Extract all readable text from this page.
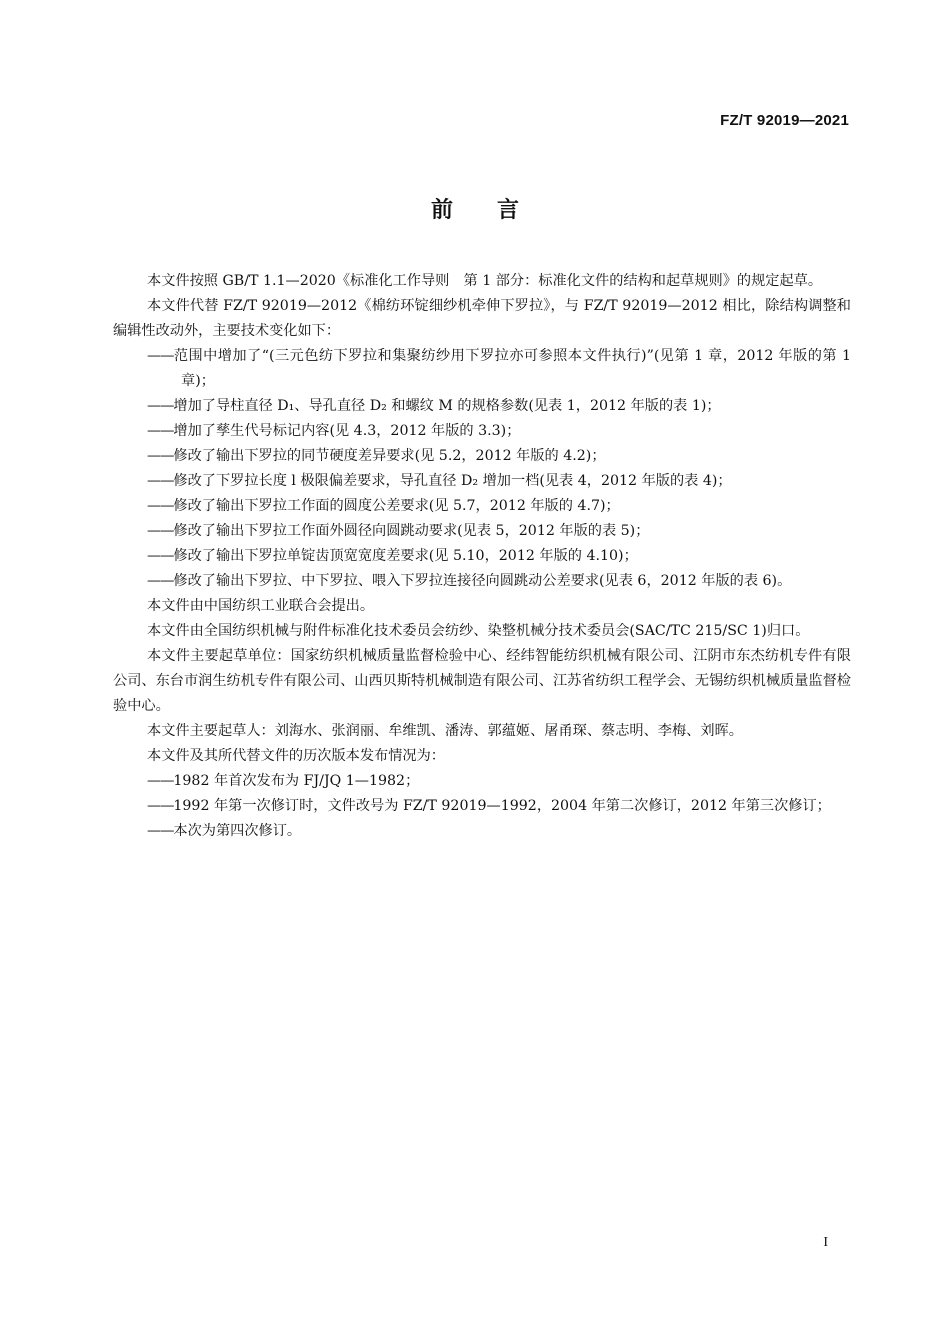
FZ/T 92019—2021
前言

本文件按照 GB/T 1.1—2020《标准化工作导则　第 1 部分：标准化文件的结构和起草规则》的规定起草。

本文件代替 FZ/T 92019—2012《棉纺环锭细纱机牵伸下罗拉》，与 FZ/T 92019—2012 相比，除结构调整和编辑性改动外，主要技术变化如下：

——范围中增加了“(三元色纺下罗拉和集聚纺纱用下罗拉亦可参照本文件执行)”(见第 1 章，2012 年版的第 1 章)；

——增加了导柱直径 D₁、导孔直径 D₂ 和螺纹 M 的规格参数(见表 1，2012 年版的表 1)；

——增加了孳生代号标记内容(见 4.3，2012 年版的 3.3)；

——修改了输出下罗拉的同节硬度差异要求(见 5.2，2012 年版的 4.2)；

——修改了下罗拉长度 l 极限偏差要求，导孔直径 D₂ 增加一档(见表 4，2012 年版的表 4)；

——修改了输出下罗拉工作面的圆度公差要求(见 5.7，2012 年版的 4.7)；

——修改了输出下罗拉工作面外圆径向圆跳动要求(见表 5，2012 年版的表 5)；

——修改了输出下罗拉单锭齿顶宽宽度差要求(见 5.10，2012 年版的 4.10)；

——修改了输出下罗拉、中下罗拉、喂入下罗拉连接径向圆跳动公差要求(见表 6，2012 年版的表 6)。

本文件由中国纺织工业联合会提出。

本文件由全国纺织机械与附件标准化技术委员会纺纱、染整机械分技术委员会(SAC/TC 215/SC 1)归口。

本文件主要起草单位：国家纺织机械质量监督检验中心、经纬智能纺织机械有限公司、江阴市东杰纺机专件有限公司、东台市润生纺机专件有限公司、山西贝斯特机械制造有限公司、江苏省纺织工程学会、无锡纺织机械质量监督检验中心。

本文件主要起草人：刘海水、张润丽、牟维凯、潘涛、郭蕴姬、屠甬琛、蔡志明、李梅、刘晖。

本文件及其所代替文件的历次版本发布情况为：

——1982 年首次发布为 FJ/JQ 1—1982；

——1992 年第一次修订时，文件改号为 FZ/T 92019—1992，2004 年第二次修订，2012 年第三次修订；

——本次为第四次修订。

I
